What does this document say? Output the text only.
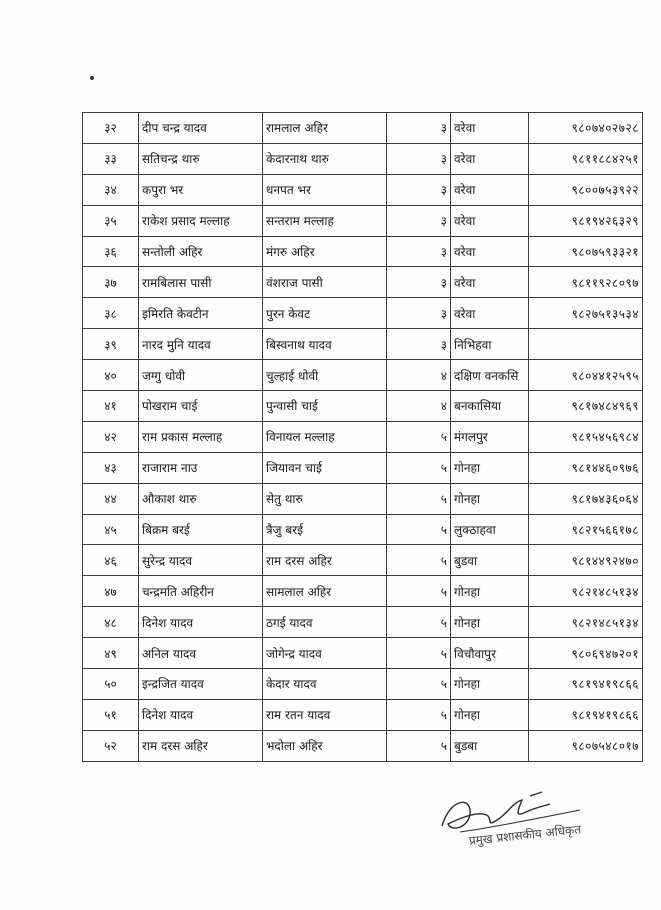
३२	दीप चन्द्र यादव	रामलाल अहिर	३	वरेवा	९८०७४०२७२८
३३	सतिचन्द्र थारु	केदारनाथ थारु	३	वरेवा	९८११८८४२५१
३४	कपुरा भर	धनपत भर	३	वरेवा	९८००७५३९२२
३५	राकेश प्रसाद मल्लाह	सन्तराम मल्लाह	३	वरेवा	९८१९४२६३२९
३६	सन्तोली अहिर	मंगरु अहिर	३	वरेवा	९८०७५९३३२१
३७	रामबिलास पासी	वंशराज पासी	३	वरेवा	९८११९२८०९७
३८	इमिरति केवटीन	पुरन केवट	३	वरेवा	९८२७५१३५३४
३९	नारद मुनि यादव	बिस्वनाथ यादव	३	निभिहवा	
४०	जग्गु धोवी	चुल्हाई धोवी	४	दक्षिण वनकसि	९८०४४१२५९५
४१	पोखराम चाई	पुन्वासी चाई	४	बनकासिया	९८१७४८४९६९
४२	राम प्रकास मल्लाह	विनायल मल्लाह	५	मंगलपुर	९८१५४५६९८४
४३	राजाराम नाउ	जियावन चाई	५	गोनहा	९८१४४६०९७६
४४	औकाश थारु	सेतु थारु	५	गोनहा	९८१७४३६०६४
४५	बिक्रम बरई	त्रैजु बरई	५	लुक्ठाहवा	९८२१५६६१७८
४६	सुरेन्द्र यादव	राम दरस अहिर	५	बुडवा	९८१४४९२४७०
४७	चन्द्रमति अहिरीन	सामलाल अहिर	५	गोनहा	९८२१४८५१३४
४८	दिनेश यादव	ठगई यादव	५	गोनहा	९८२१४८५१३४
४९	अनिल यादव	जोगेन्द्र यादव	५	विचौवापुर	९८०६९४७२०१
५०	इन्द्रजित यादव	केदार यादव	५	गोनहा	९८१९४१९८६६
५१	दिनेश यादव	राम रतन यादव	५	गोनहा	९८१९४१९८६६
५२	राम दरस अहिर	भदोला अहिर	५	बुडबा	९८०७५४८०१७
प्रमुख प्रशासकीय अधिकृत
